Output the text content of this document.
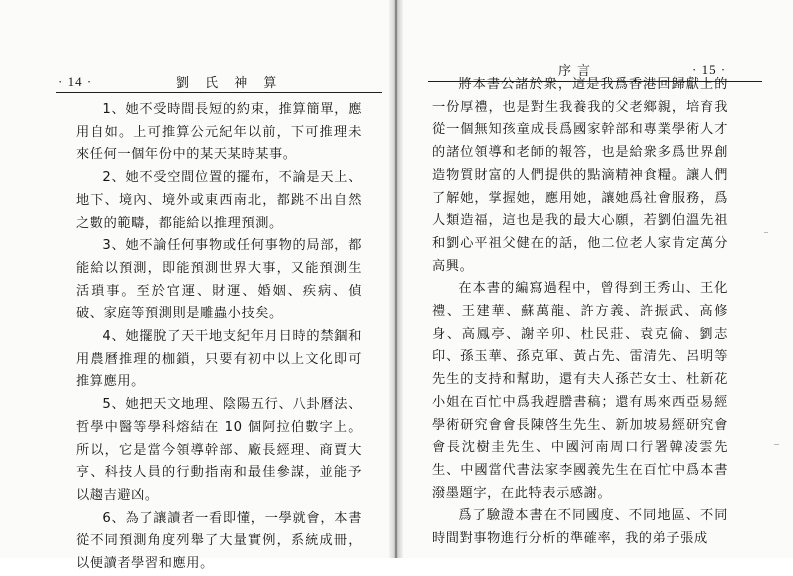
· 14 ·	劉 氏 神 算

1、她不受時間長短的約束，推算簡單，應用自如。上可推算公元紀年以前，下可推理未來任何一個年份中的某天某時某事。

2、她不受空間位置的擺布，不論是天上、地下、境內、境外或東西南北，都跳不出自然之數的範疇，都能給以推理預測。

3、她不論任何事物或任何事物的局部，都能給以預測，即能預測世界大事，又能預測生活瑣事。至於官運、財運、婚姻、疾病、偵破、家庭等預測則是雕蟲小技矣。

4、她擺脫了天干地支紀年月日時的禁錮和用農曆推理的枷鎖，只要有初中以上文化即可推算應用。

5、她把天文地理、陰陽五行、八卦曆法、哲學中醫等學科熔結在 10 個阿拉伯數字上。所以，它是當今領導幹部、廠長經理、商賈大亨、科技人員的行動指南和最佳參謀，並能予以趨吉避凶。

6、為了讓讀者一看即懂，一學就會，本書從不同預測角度列舉了大量實例，系統成冊，以便讀者學習和應用。

序言	· 15 ·

將本書公諸於衆，這是我爲香港回歸獻上的一份厚禮，也是對生我養我的父老鄉親，培育我從一個無知孩童成長爲國家幹部和專業學術人才的諸位領導和老師的報答，也是給衆多爲世界創造物質財富的人們提供的點滴精神食糧。讓人們了解她，掌握她，應用她，讓她爲社會服務，爲人類造福，這也是我的最大心願，若劉伯溫先祖和劉心平祖父健在的話，他二位老人家肯定萬分高興。

在本書的編寫過程中，曾得到王秀山、王化禮、王建華、蘇萬龍、許方義、許振武、高修身、高鳳亭、謝辛卯、杜民莊、袁克倫、劉志印、孫玉華、孫克軍、黃占先、雷清先、呂明等先生的支持和幫助，還有夫人孫芒女士、杜新花小姐在百忙中爲我趕謄書稿；還有馬來西亞易經學術研究會會長陳啓生先生、新加坡易經研究會會長沈樹圭先生、中國河南周口行署韓凌雲先生、中國當代書法家李國義先生在百忙中爲本書潑墨題字，在此特表示感謝。

爲了驗證本書在不同國度、不同地區、不同時間對事物進行分析的準確率，我的弟子張成
